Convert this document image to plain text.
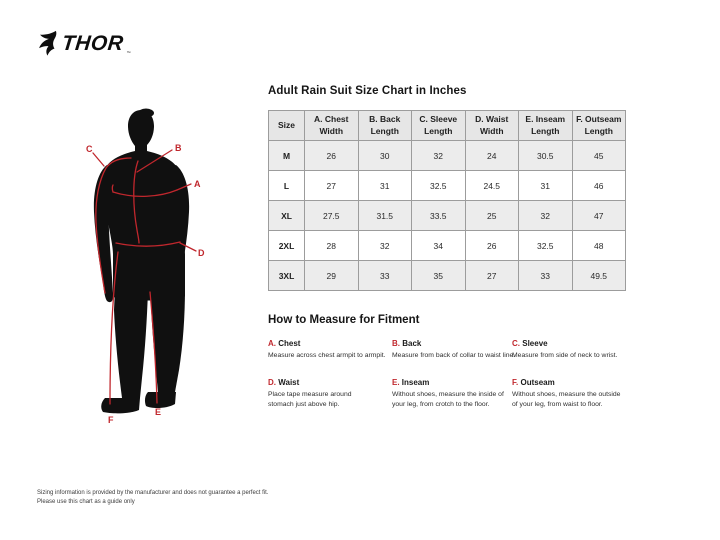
THOR ™
A
B
C
D
E
F
Adult Rain Suit Size Chart in Inches
Size	A. Chest Width	B. Back Length	C. Sleeve Length	D. Waist Width	E. Inseam Length	F. Outseam Length
M	26	30	32	24	30.5	45
L	27	31	32.5	24.5	31	46
XL	27.5	31.5	33.5	25	32	47
2XL	28	32	34	26	32.5	48
3XL	29	33	35	27	33	49.5
How to Measure for Fitment
A. Chest
Measure across chest armpit to armpit.
B. Back
Measure from back of collar to waist line.
C. Sleeve
Measure from side of neck to wrist.
D. Waist
Place tape measure around stomach just above hip.
E. Inseam
Without shoes, measure the inside of your leg, from crotch to the floor.
F. Outseam
Without shoes, measure the outside of your leg, from waist to floor.
Sizing information is provided by the manufacturer and does not guarantee a perfect fit.
Please use this chart as a guide only
